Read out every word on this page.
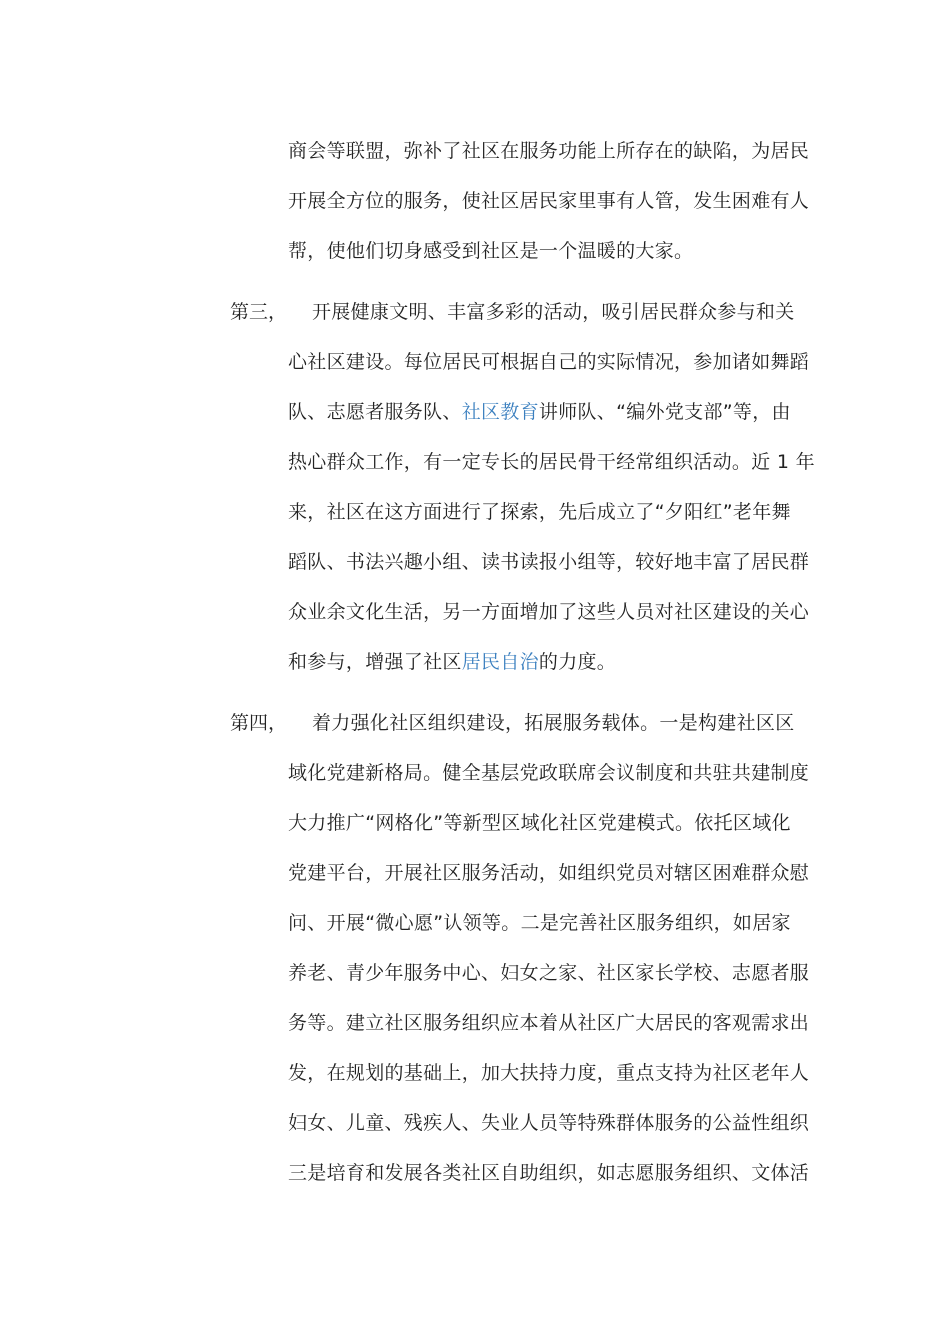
商会等联盟，弥补了社区在服务功能上所存在的缺陷，为居民
开展全方位的服务，使社区居民家里事有人管，发生困难有人
帮，使他们切身感受到社区是一个温暖的大家。
第三， 开展健康文明、丰富多彩的活动，吸引居民群众参与和关
心社区建设。每位居民可根据自己的实际情况，参加诸如舞蹈
队、志愿者服务队、社区教育讲师队、“编外党支部”等，由
热心群众工作，有一定专长的居民骨干经常组织活动。近 1 年
来，社区在这方面进行了探索，先后成立了“夕阳红”老年舞
蹈队、书法兴趣小组、读书读报小组等，较好地丰富了居民群
众业余文化生活，另一方面增加了这些人员对社区建设的关心
和参与，增强了社区居民自治的力度。
第四， 着力强化社区组织建设，拓展服务载体。一是构建社区区
域化党建新格局。健全基层党政联席会议制度和共驻共建制度
大力推广“网格化”等新型区域化社区党建模式。依托区域化
党建平台，开展社区服务活动，如组织党员对辖区困难群众慰
问、开展“微心愿”认领等。二是完善社区服务组织，如居家
养老、青少年服务中心、妇女之家、社区家长学校、志愿者服
务等。建立社区服务组织应本着从社区广大居民的客观需求出
发，在规划的基础上，加大扶持力度，重点支持为社区老年人
妇女、儿童、残疾人、失业人员等特殊群体服务的公益性组织
三是培育和发展各类社区自助组织，如志愿服务组织、文体活
